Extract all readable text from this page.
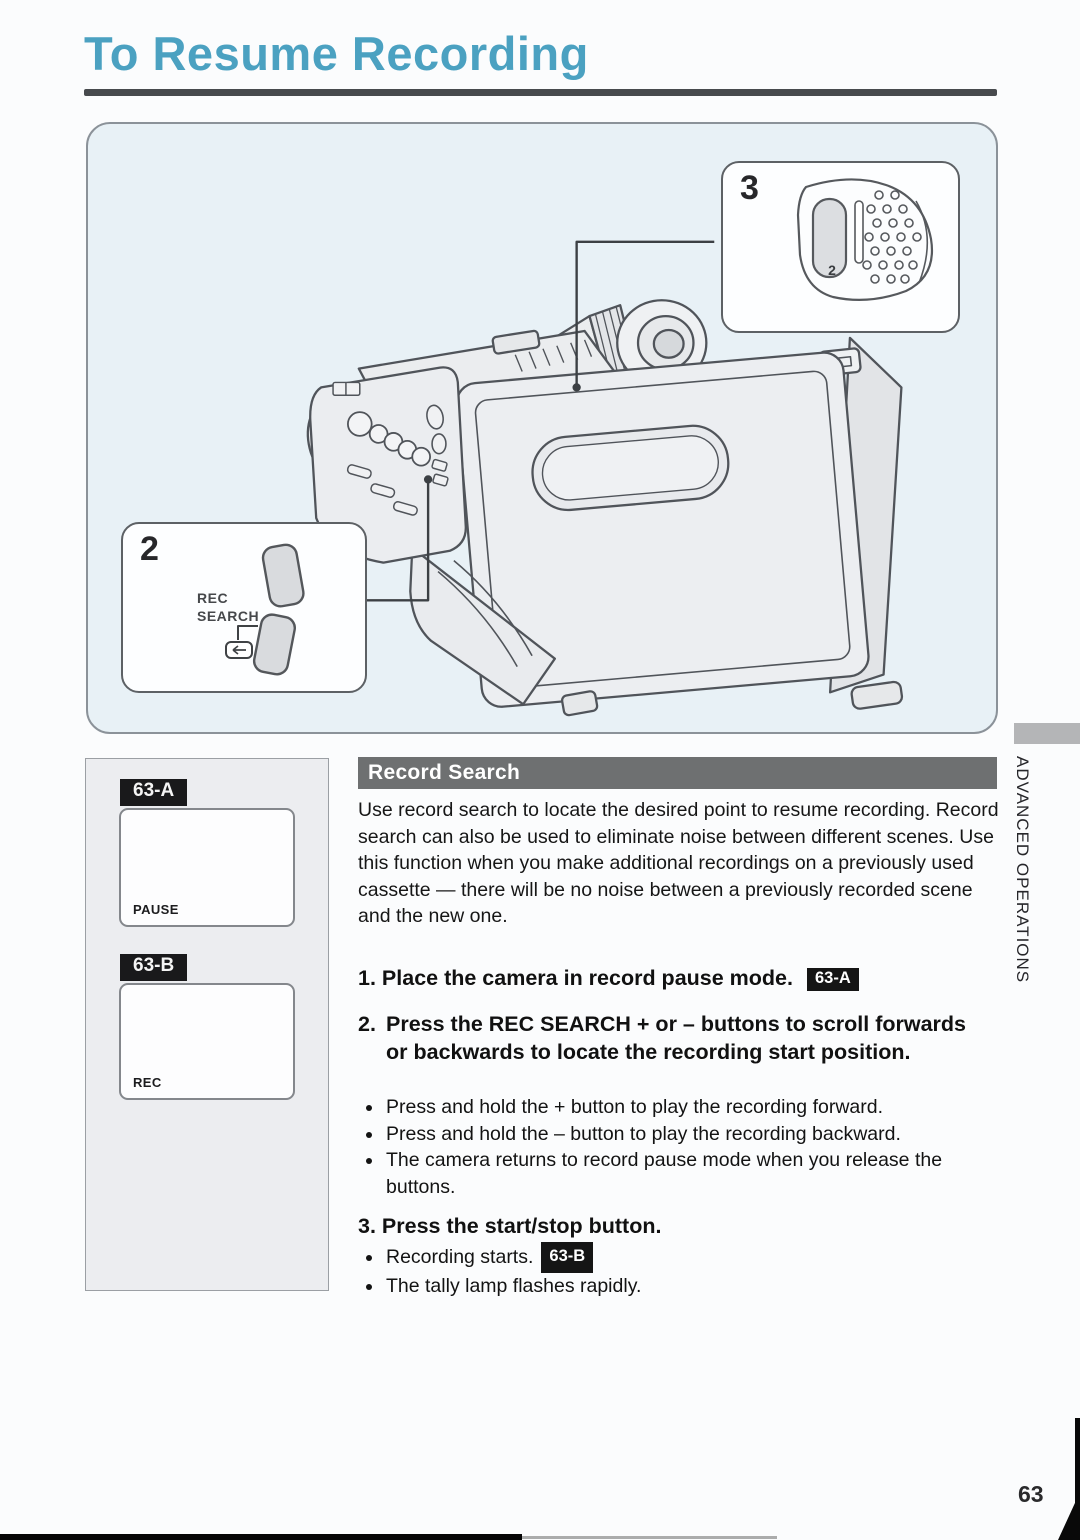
To Resume Recording
3
2
2
REC
SEARCH
63-A
PAUSE
63-B
REC
Record Search
Use record search to locate the desired point to resume recording. Record search can also be used to eliminate noise between different scenes. Use this function when you make additional recordings on a previously used cassette — there will be no noise between a previously recorded scene and the new one.
1. Place the camera in record pause mode. 63-A
2. Press the REC SEARCH + or – buttons to scroll forwards or backwards to locate the recording start position.
• Press and hold the + button to play the recording forward.
• Press and hold the – button to play the recording backward.
• The camera returns to record pause mode when you release the buttons.
3. Press the start/stop button.
• Recording starts. 63-B
• The tally lamp flashes rapidly.
ADVANCED OPERATIONS
63
